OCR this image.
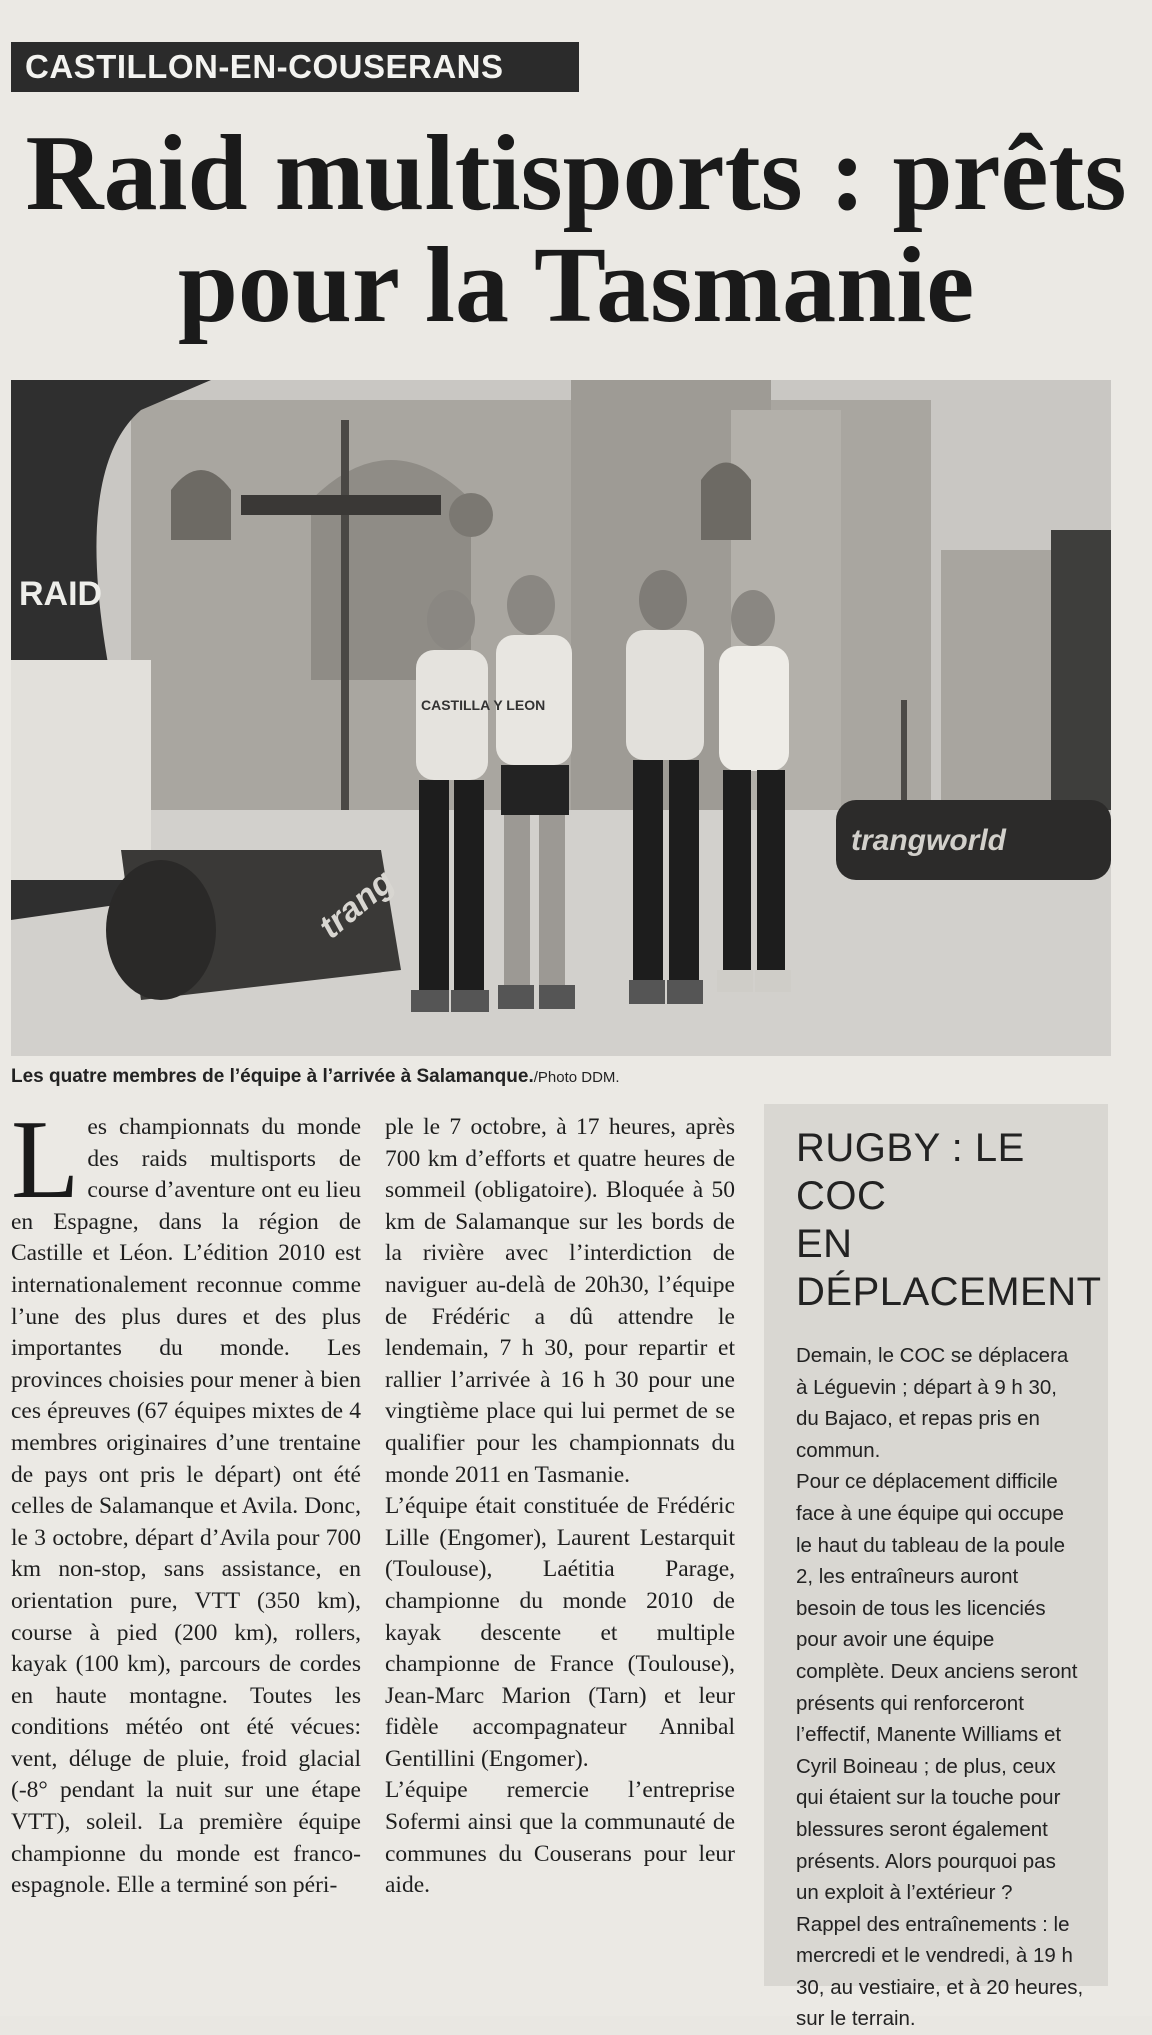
CASTILLON-EN-COUSERANS
Raid multisports : prêts
pour la Tasmanie
RAID
trang
trangworld
CASTILLA Y LEON
Les quatre membres de l’équipe à l’arrivée à Salamanque./Photo DDM.
L es championnats du monde des raids multisports de course d’aventure ont eu lieu en Espagne, dans la région de Castille et Léon. L’édition 2010 est internationalement reconnue comme l’une des plus dures et des plus importantes du monde. Les provinces choisies pour mener à bien ces épreuves (67 équipes mixtes de 4 membres originaires d’une trentaine de pays ont pris le départ) ont été celles de Salamanque et Avila. Donc, le 3 octobre, départ d’Avila pour 700 km non-stop, sans assistance, en orientation pure, VTT (350 km), course à pied (200 km), rollers, kayak (100 km), parcours de cordes en haute montagne. Toutes les conditions météo ont été vécues: vent, déluge de pluie, froid glacial (-8° pendant la nuit sur une étape VTT), soleil. La première équipe championne du monde est franco-espagnole. Elle a terminé son péri-

ple le 7 octobre, à 17 heures, après 700 km d’efforts et quatre heures de sommeil (obligatoire). Bloquée à 50 km de Salamanque sur les bords de la rivière avec l’interdiction de naviguer au-delà de 20h30, l’équipe de Frédéric a dû attendre le lendemain, 7 h 30, pour repartir et rallier l’arrivée à 16 h 30 pour une vingtième place qui lui permet de se qualifier pour les championnats du monde 2011 en Tasmanie.

L’équipe était constituée de Frédéric Lille (Engomer), Laurent Lestarquit (Toulouse), Laétitia Parage, championne du monde 2010 de kayak descente et multiple championne de France (Toulouse), Jean-Marc Marion (Tarn) et leur fidèle accompagnateur Annibal Gentillini (Engomer).

L’équipe remercie l’entreprise Sofermi ainsi que la communauté de communes du Couserans pour leur aide.

RUGBY : LE COC
EN DÉPLACEMENT

Demain, le COC se déplacera à Léguevin ; départ à 9 h 30, du Bajaco, et repas pris en commun.

Pour ce déplacement difficile face à une équipe qui occupe le haut du tableau de la poule 2, les entraîneurs auront besoin de tous les licenciés pour avoir une équipe complète. Deux anciens seront présents qui renforceront l’effectif, Manente Williams et Cyril Boineau ; de plus, ceux qui étaient sur la touche pour blessures seront également présents. Alors pourquoi pas un exploit à l’extérieur ?

Rappel des entraînements : le mercredi et le vendredi, à 19 h 30, au vestiaire, et à 20 heures, sur le terrain.
